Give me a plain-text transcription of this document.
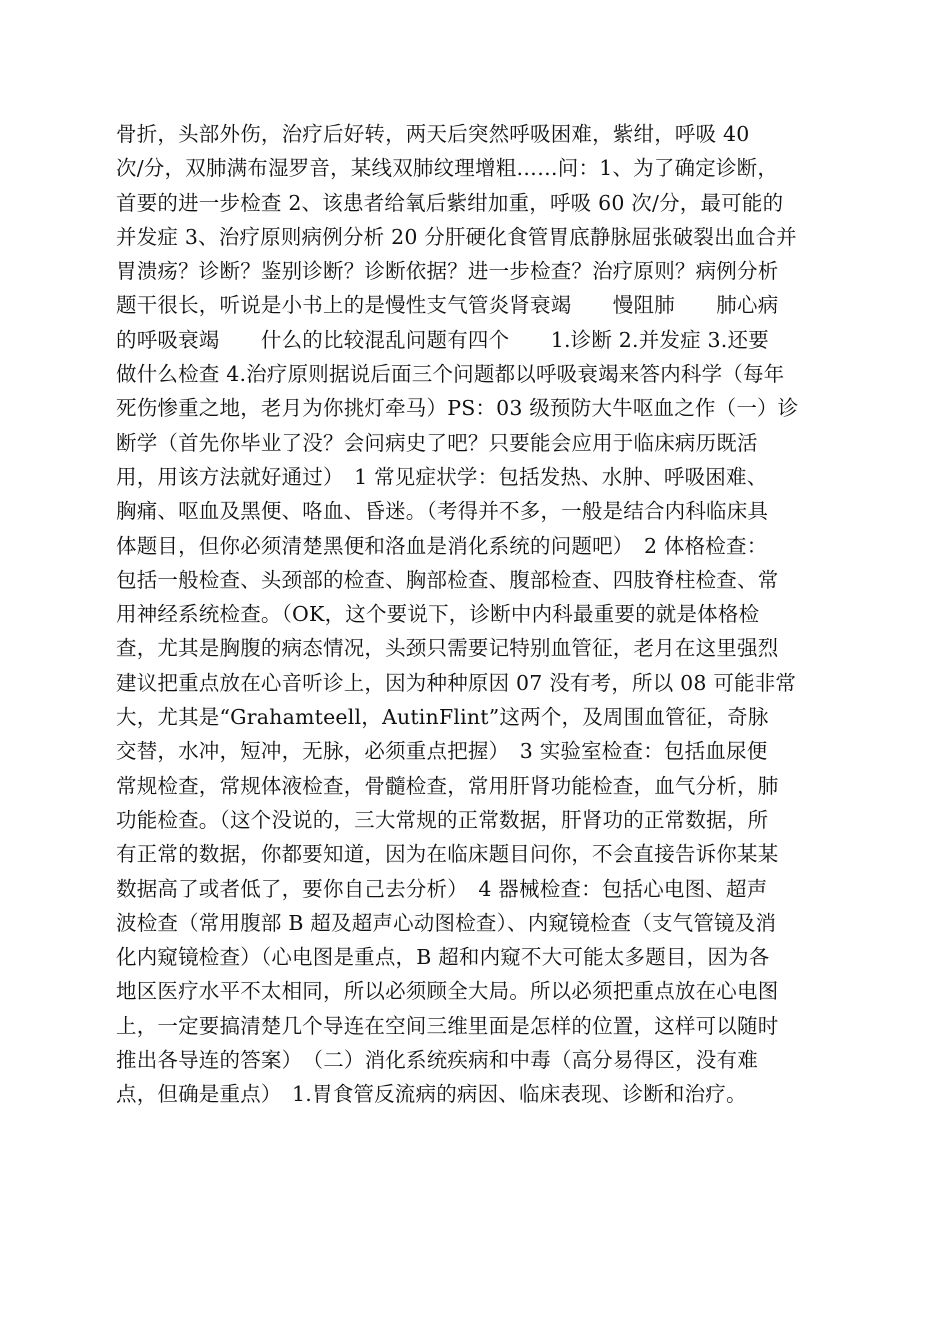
骨折，头部外伤，治疗后好转，两天后突然呼吸困难，紫绀，呼吸 40
次/分，双肺满布湿罗音，某线双肺纹理增粗……问：1、为了确定诊断，
首要的进一步检查 2、该患者给氧后紫绀加重，呼吸 60 次/分，最可能的
并发症 3、治疗原则病例分析 20 分肝硬化食管胃底静脉屈张破裂出血合并
胃溃疡？诊断？鉴别诊断？诊断依据？进一步检查？治疗原则？病例分析
题干很长，听说是小书上的是慢性支气管炎肾衰竭　　慢阻肺　　肺心病
的呼吸衰竭　　什么的比较混乱问题有四个　　1.诊断 2.并发症 3.还要
做什么检查 4.治疗原则据说后面三个问题都以呼吸衰竭来答内科学（每年
死伤惨重之地，老月为你挑灯牵马）PS：03 级预防大牛呕血之作（一）诊
断学（首先你毕业了没？会问病史了吧？只要能会应用于临床病历既活
用，用该方法就好通过）　1 常见症状学：包括发热、水肿、呼吸困难、
胸痛、呕血及黑便、咯血、昏迷。（考得并不多，一般是结合内科临床具
体题目，但你必须清楚黑便和洛血是消化系统的问题吧）　2 体格检查：
包括一般检查、头颈部的检查、胸部检查、腹部检查、四肢脊柱检查、常
用神经系统检查。（OK，这个要说下，诊断中内科最重要的就是体格检
查，尤其是胸腹的病态情况，头颈只需要记特别血管征，老月在这里强烈
建议把重点放在心音听诊上，因为种种原因 07 没有考，所以 08 可能非常
大，尤其是“Grahamteell，AutinFlint”这两个，及周围血管征，奇脉
交替，水冲，短冲，无脉，必须重点把握）　3 实验室检查：包括血尿便
常规检查，常规体液检查，骨髓检查，常用肝肾功能检查，血气分析，肺
功能检查。（这个没说的，三大常规的正常数据，肝肾功的正常数据，所
有正常的数据，你都要知道，因为在临床题目问你，不会直接告诉你某某
数据高了或者低了，要你自己去分析）　4 器械检查：包括心电图、超声
波检查（常用腹部 B 超及超声心动图检查）、内窥镜检查（支气管镜及消
化内窥镜检查）（心电图是重点，B 超和内窥不大可能太多题目，因为各
地区医疗水平不太相同，所以必须顾全大局。所以必须把重点放在心电图
上，一定要搞清楚几个导连在空间三维里面是怎样的位置，这样可以随时
推出各导连的答案）　（二）消化系统疾病和中毒（高分易得区，没有难
点，但确是重点）　1.胃食管反流病的病因、临床表现、诊断和治疗。
